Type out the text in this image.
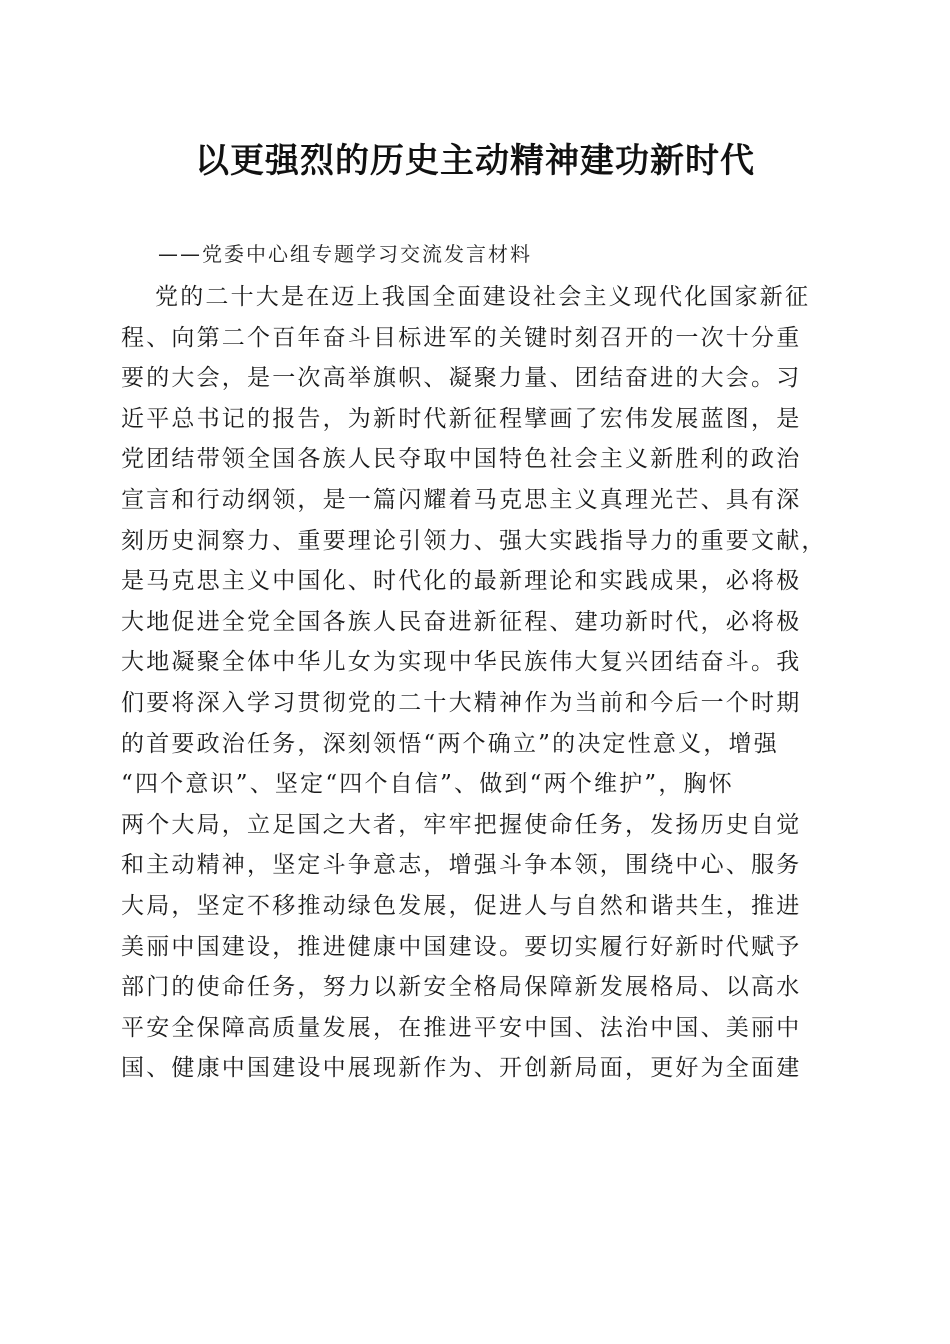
以更强烈的历史主动精神建功新时代
——党委中心组专题学习交流发言材料
党的二十大是在迈上我国全面建设社会主义现代化国家新征
程、向第二个百年奋斗目标进军的关键时刻召开的一次十分重
要的大会，是一次高举旗帜、凝聚力量、团结奋进的大会。习
近平总书记的报告，为新时代新征程擘画了宏伟发展蓝图，是
党团结带领全国各族人民夺取中国特色社会主义新胜利的政治
宣言和行动纲领，是一篇闪耀着马克思主义真理光芒、具有深
刻历史洞察力、重要理论引领力、强大实践指导力的重要文献，
是马克思主义中国化、时代化的最新理论和实践成果，必将极
大地促进全党全国各族人民奋进新征程、建功新时代，必将极
大地凝聚全体中华儿女为实现中华民族伟大复兴团结奋斗。我
们要将深入学习贯彻党的二十大精神作为当前和今后一个时期
的首要政治任务，深刻领悟“两个确立”的决定性意义，增强
“四个意识”、坚定“四个自信”、做到“两个维护”，胸怀
两个大局，立足国之大者，牢牢把握使命任务，发扬历史自觉
和主动精神，坚定斗争意志，增强斗争本领，围绕中心、服务
大局，坚定不移推动绿色发展，促进人与自然和谐共生，推进
美丽中国建设，推进健康中国建设。要切实履行好新时代赋予
部门的使命任务，努力以新安全格局保障新发展格局、以高水
平安全保障高质量发展，在推进平安中国、法治中国、美丽中
国、健康中国建设中展现新作为、开创新局面，更好为全面建
